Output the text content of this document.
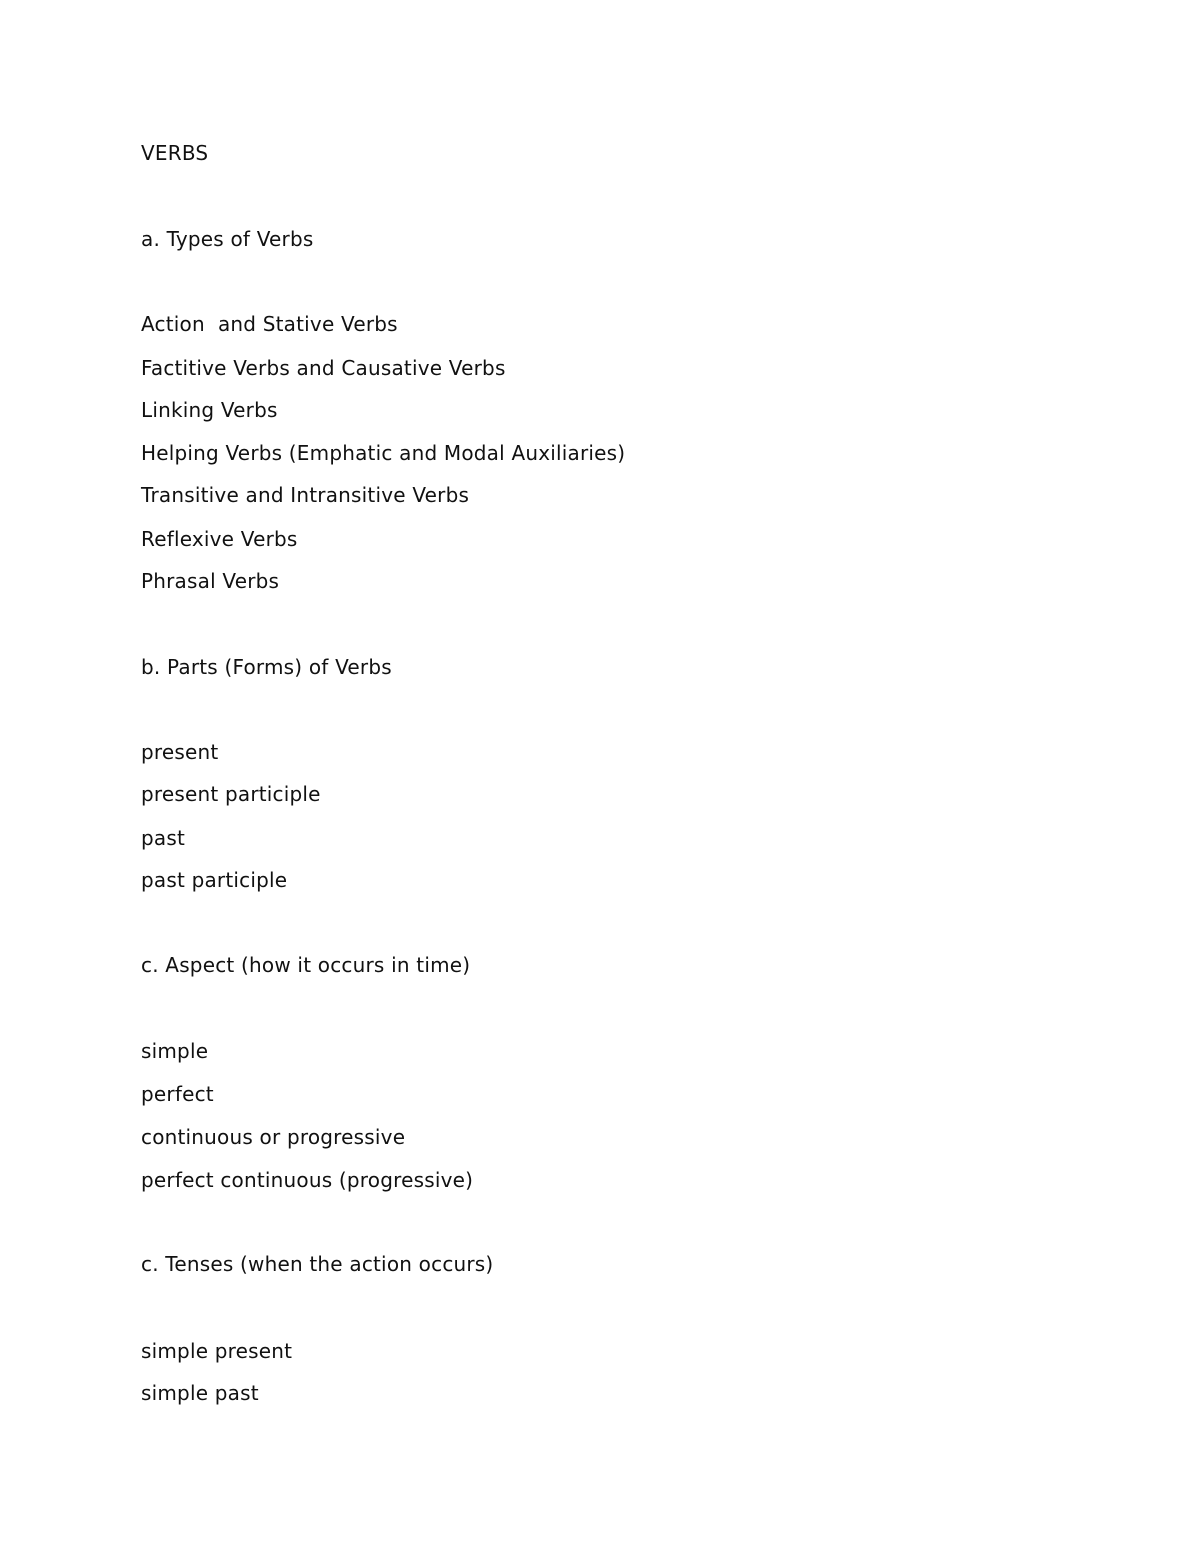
VERBS
a. Types of Verbs
Action  and Stative Verbs
Factitive Verbs and Causative Verbs
Linking Verbs
Helping Verbs (Emphatic and Modal Auxiliaries)
Transitive and Intransitive Verbs
Reflexive Verbs
Phrasal Verbs
b. Parts (Forms) of Verbs
present
present participle
past
past participle
c. Aspect (how it occurs in time)
simple
perfect
continuous or progressive
perfect continuous (progressive)
c. Tenses (when the action occurs)
simple present
simple past
